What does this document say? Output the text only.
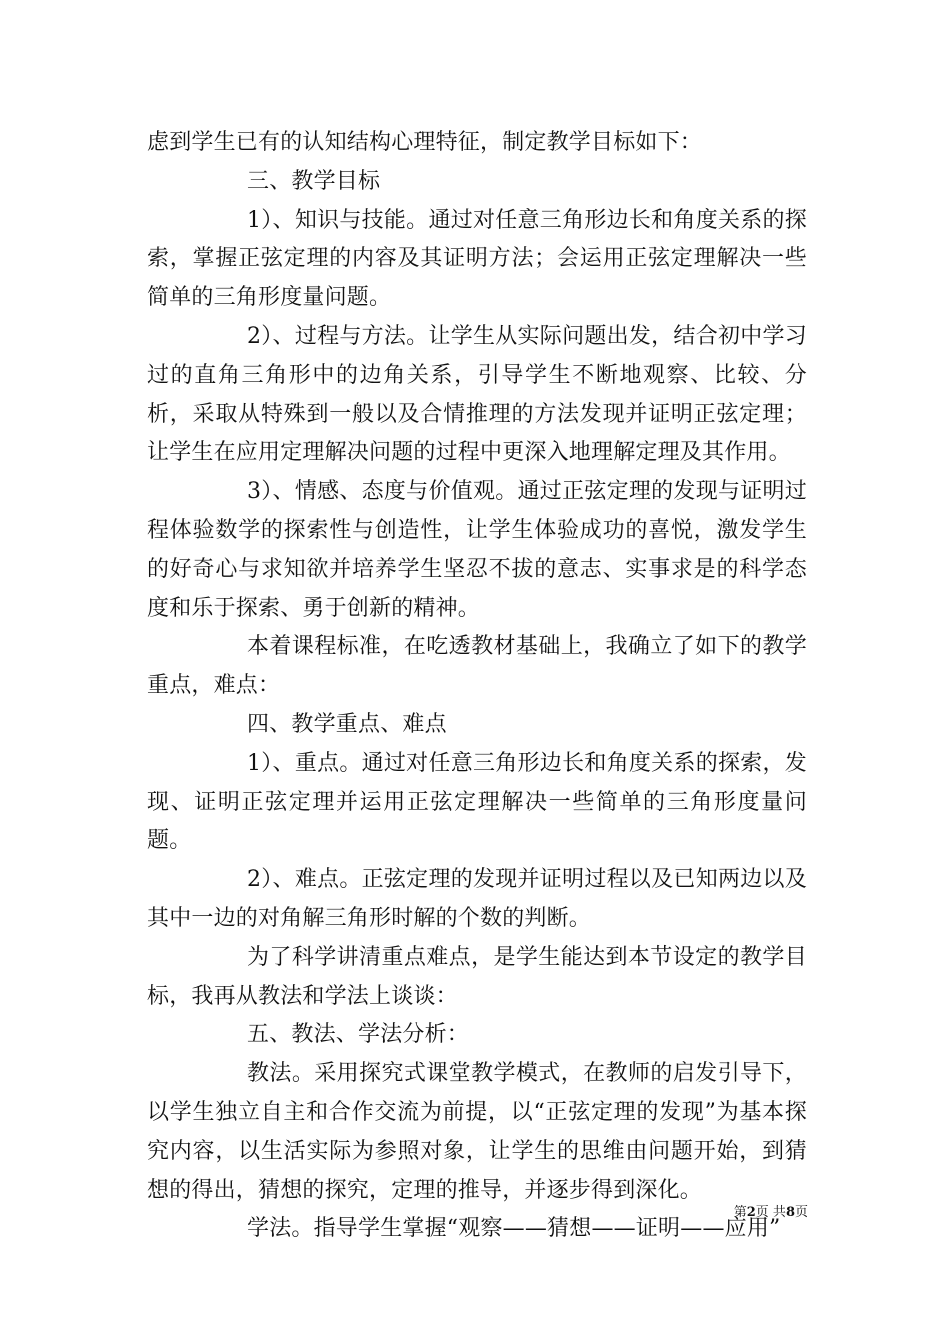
虑到学生已有的认知结构心理特征，制定教学目标如下：

三、教学目标

1）、知识与技能。通过对任意三角形边长和角度关系的探索，掌握正弦定理的内容及其证明方法；会运用正弦定理解决一些简单的三角形度量问题。

2）、过程与方法。让学生从实际问题出发，结合初中学习过的直角三角形中的边角关系，引导学生不断地观察、比较、分析，采取从特殊到一般以及合情推理的方法发现并证明正弦定理；让学生在应用定理解决问题的过程中更深入地理解定理及其作用。

3）、情感、态度与价值观。通过正弦定理的发现与证明过程体验数学的探索性与创造性，让学生体验成功的喜悦，激发学生的好奇心与求知欲并培养学生坚忍不拔的意志、实事求是的科学态度和乐于探索、勇于创新的精神。

本着课程标准，在吃透教材基础上，我确立了如下的教学重点，难点：

四、教学重点、难点

1）、重点。通过对任意三角形边长和角度关系的探索，发现、证明正弦定理并运用正弦定理解决一些简单的三角形度量问题。

2）、难点。正弦定理的发现并证明过程以及已知两边以及其中一边的对角解三角形时解的个数的判断。

为了科学讲清重点难点，是学生能达到本节设定的教学目标，我再从教法和学法上谈谈：

五、教法、学法分析：

教法。采用探究式课堂教学模式，在教师的启发引导下，以学生独立自主和合作交流为前提，以“正弦定理的发现”为基本探究内容，以生活实际为参照对象，让学生的思维由问题开始，到猜想的得出，猜想的探究，定理的推导，并逐步得到深化。

学法。指导学生掌握“观察——猜想——证明——应用”

第2页 共8页
